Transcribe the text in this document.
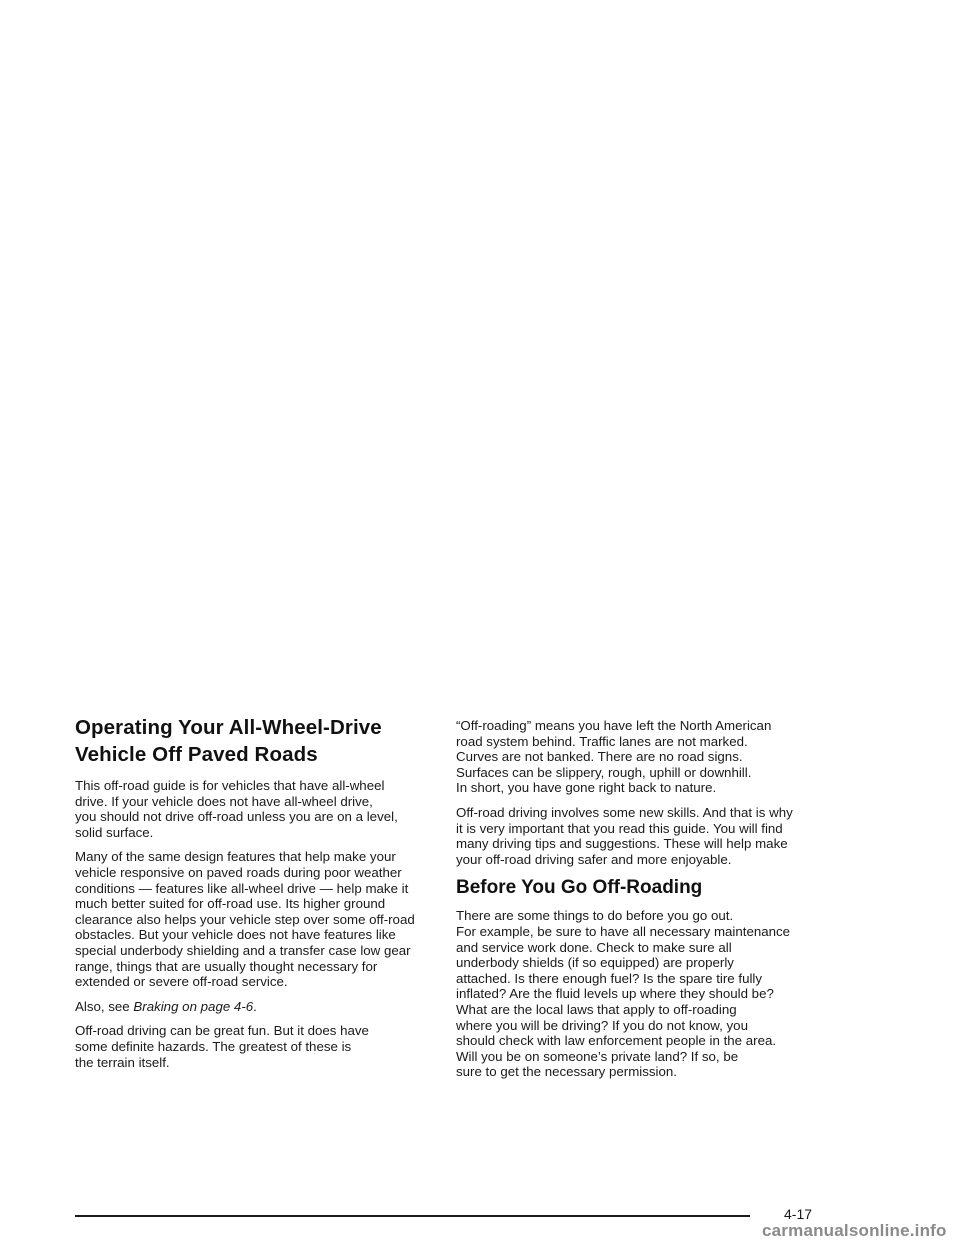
Operating Your All-Wheel-Drive
Vehicle Off Paved Roads

This off-road guide is for vehicles that have all-wheel
drive. If your vehicle does not have all-wheel drive,
you should not drive off-road unless you are on a level,
solid surface.

Many of the same design features that help make your
vehicle responsive on paved roads during poor weather
conditions — features like all-wheel drive — help make it
much better suited for off-road use. Its higher ground
clearance also helps your vehicle step over some off-road
obstacles. But your vehicle does not have features like
special underbody shielding and a transfer case low gear
range, things that are usually thought necessary for
extended or severe off-road service.

Also, see Braking on page 4-6.

Off-road driving can be great fun. But it does have
some definite hazards. The greatest of these is
the terrain itself.

“Off-roading” means you have left the North American
road system behind. Traffic lanes are not marked.
Curves are not banked. There are no road signs.
Surfaces can be slippery, rough, uphill or downhill.
In short, you have gone right back to nature.

Off-road driving involves some new skills. And that is why
it is very important that you read this guide. You will find
many driving tips and suggestions. These will help make
your off-road driving safer and more enjoyable.

Before You Go Off-Roading

There are some things to do before you go out.
For example, be sure to have all necessary maintenance
and service work done. Check to make sure all
underbody shields (if so equipped) are properly
attached. Is there enough fuel? Is the spare tire fully
inflated? Are the fluid levels up where they should be?
What are the local laws that apply to off-roading
where you will be driving? If you do not know, you
should check with law enforcement people in the area.
Will you be on someone’s private land? If so, be
sure to get the necessary permission.

4-17
carmanualsonline.info
